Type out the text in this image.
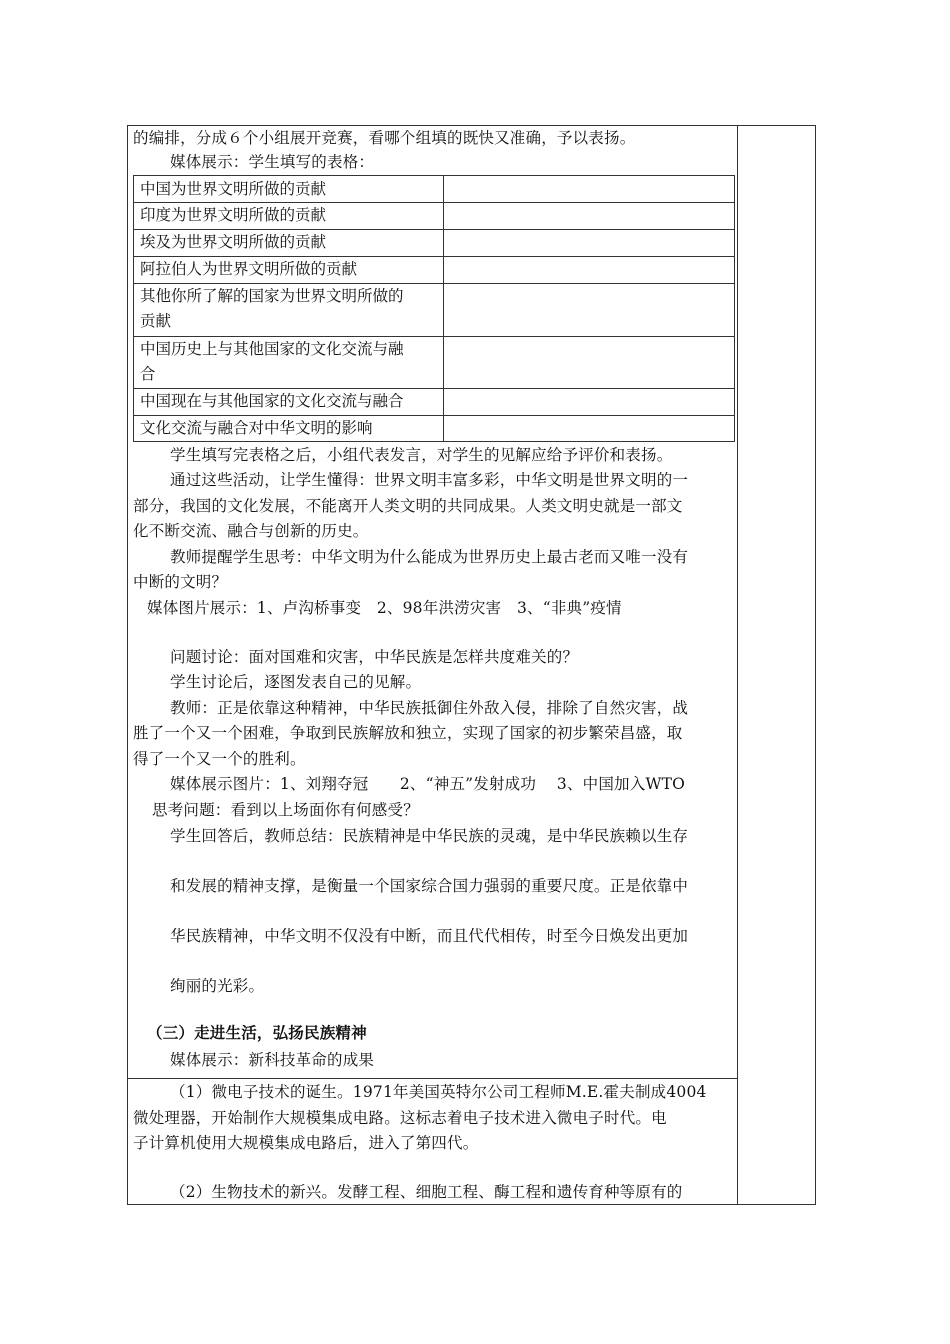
的编排，分成６个小组展开竞赛，看哪个组填的既快又准确，予以表扬。
媒体展示：学生填写的表格：
中国为世界文明所做的贡献
印度为世界文明所做的贡献
埃及为世界文明所做的贡献
阿拉伯人为世界文明所做的贡献
其他你所了解的国家为世界文明所做的
贡献
中国历史上与其他国家的文化交流与融
合
中国现在与其他国家的文化交流与融合
文化交流与融合对中华文明的影响
学生填写完表格之后，小组代表发言，对学生的见解应给予评价和表扬。
通过这些活动，让学生懂得：世界文明丰富多彩，中华文明是世界文明的一
部分，我国的文化发展，不能离开人类文明的共同成果。人类文明史就是一部文
化不断交流、融合与创新的历史。
教师提醒学生思考：中华文明为什么能成为世界历史上最古老而又唯一没有
中断的文明？
媒体图片展示：1、卢沟桥事变　2、98年洪涝灾害　3、“非典”疫情
问题讨论：面对国难和灾害，中华民族是怎样共度难关的？
学生讨论后，逐图发表自己的见解。
教师：正是依靠这种精神，中华民族抵御住外敌入侵，排除了自然灾害，战
胜了一个又一个困难，争取到民族解放和独立，实现了国家的初步繁荣昌盛，取
得了一个又一个的胜利。
媒体展示图片：1、刘翔夺冠　　2、“神五”发射成功　 3、中国加入WTO
思考问题：看到以上场面你有何感受？
学生回答后，教师总结：民族精神是中华民族的灵魂，是中华民族赖以生存
和发展的精神支撑，是衡量一个国家综合国力强弱的重要尺度。正是依靠中
华民族精神，中华文明不仅没有中断，而且代代相传，时至今日焕发出更加
绚丽的光彩。
（三）走进生活，弘扬民族精神
媒体展示：新科技革命的成果
（1）微电子技术的诞生。1971年美国英特尔公司工程师M.E.霍夫制成4004
微处理器，开始制作大规模集成电路。这标志着电子技术进入微电子时代。电
子计算机使用大规模集成电路后，进入了第四代。
（2）生物技术的新兴。发酵工程、细胞工程、酶工程和遗传育种等原有的
